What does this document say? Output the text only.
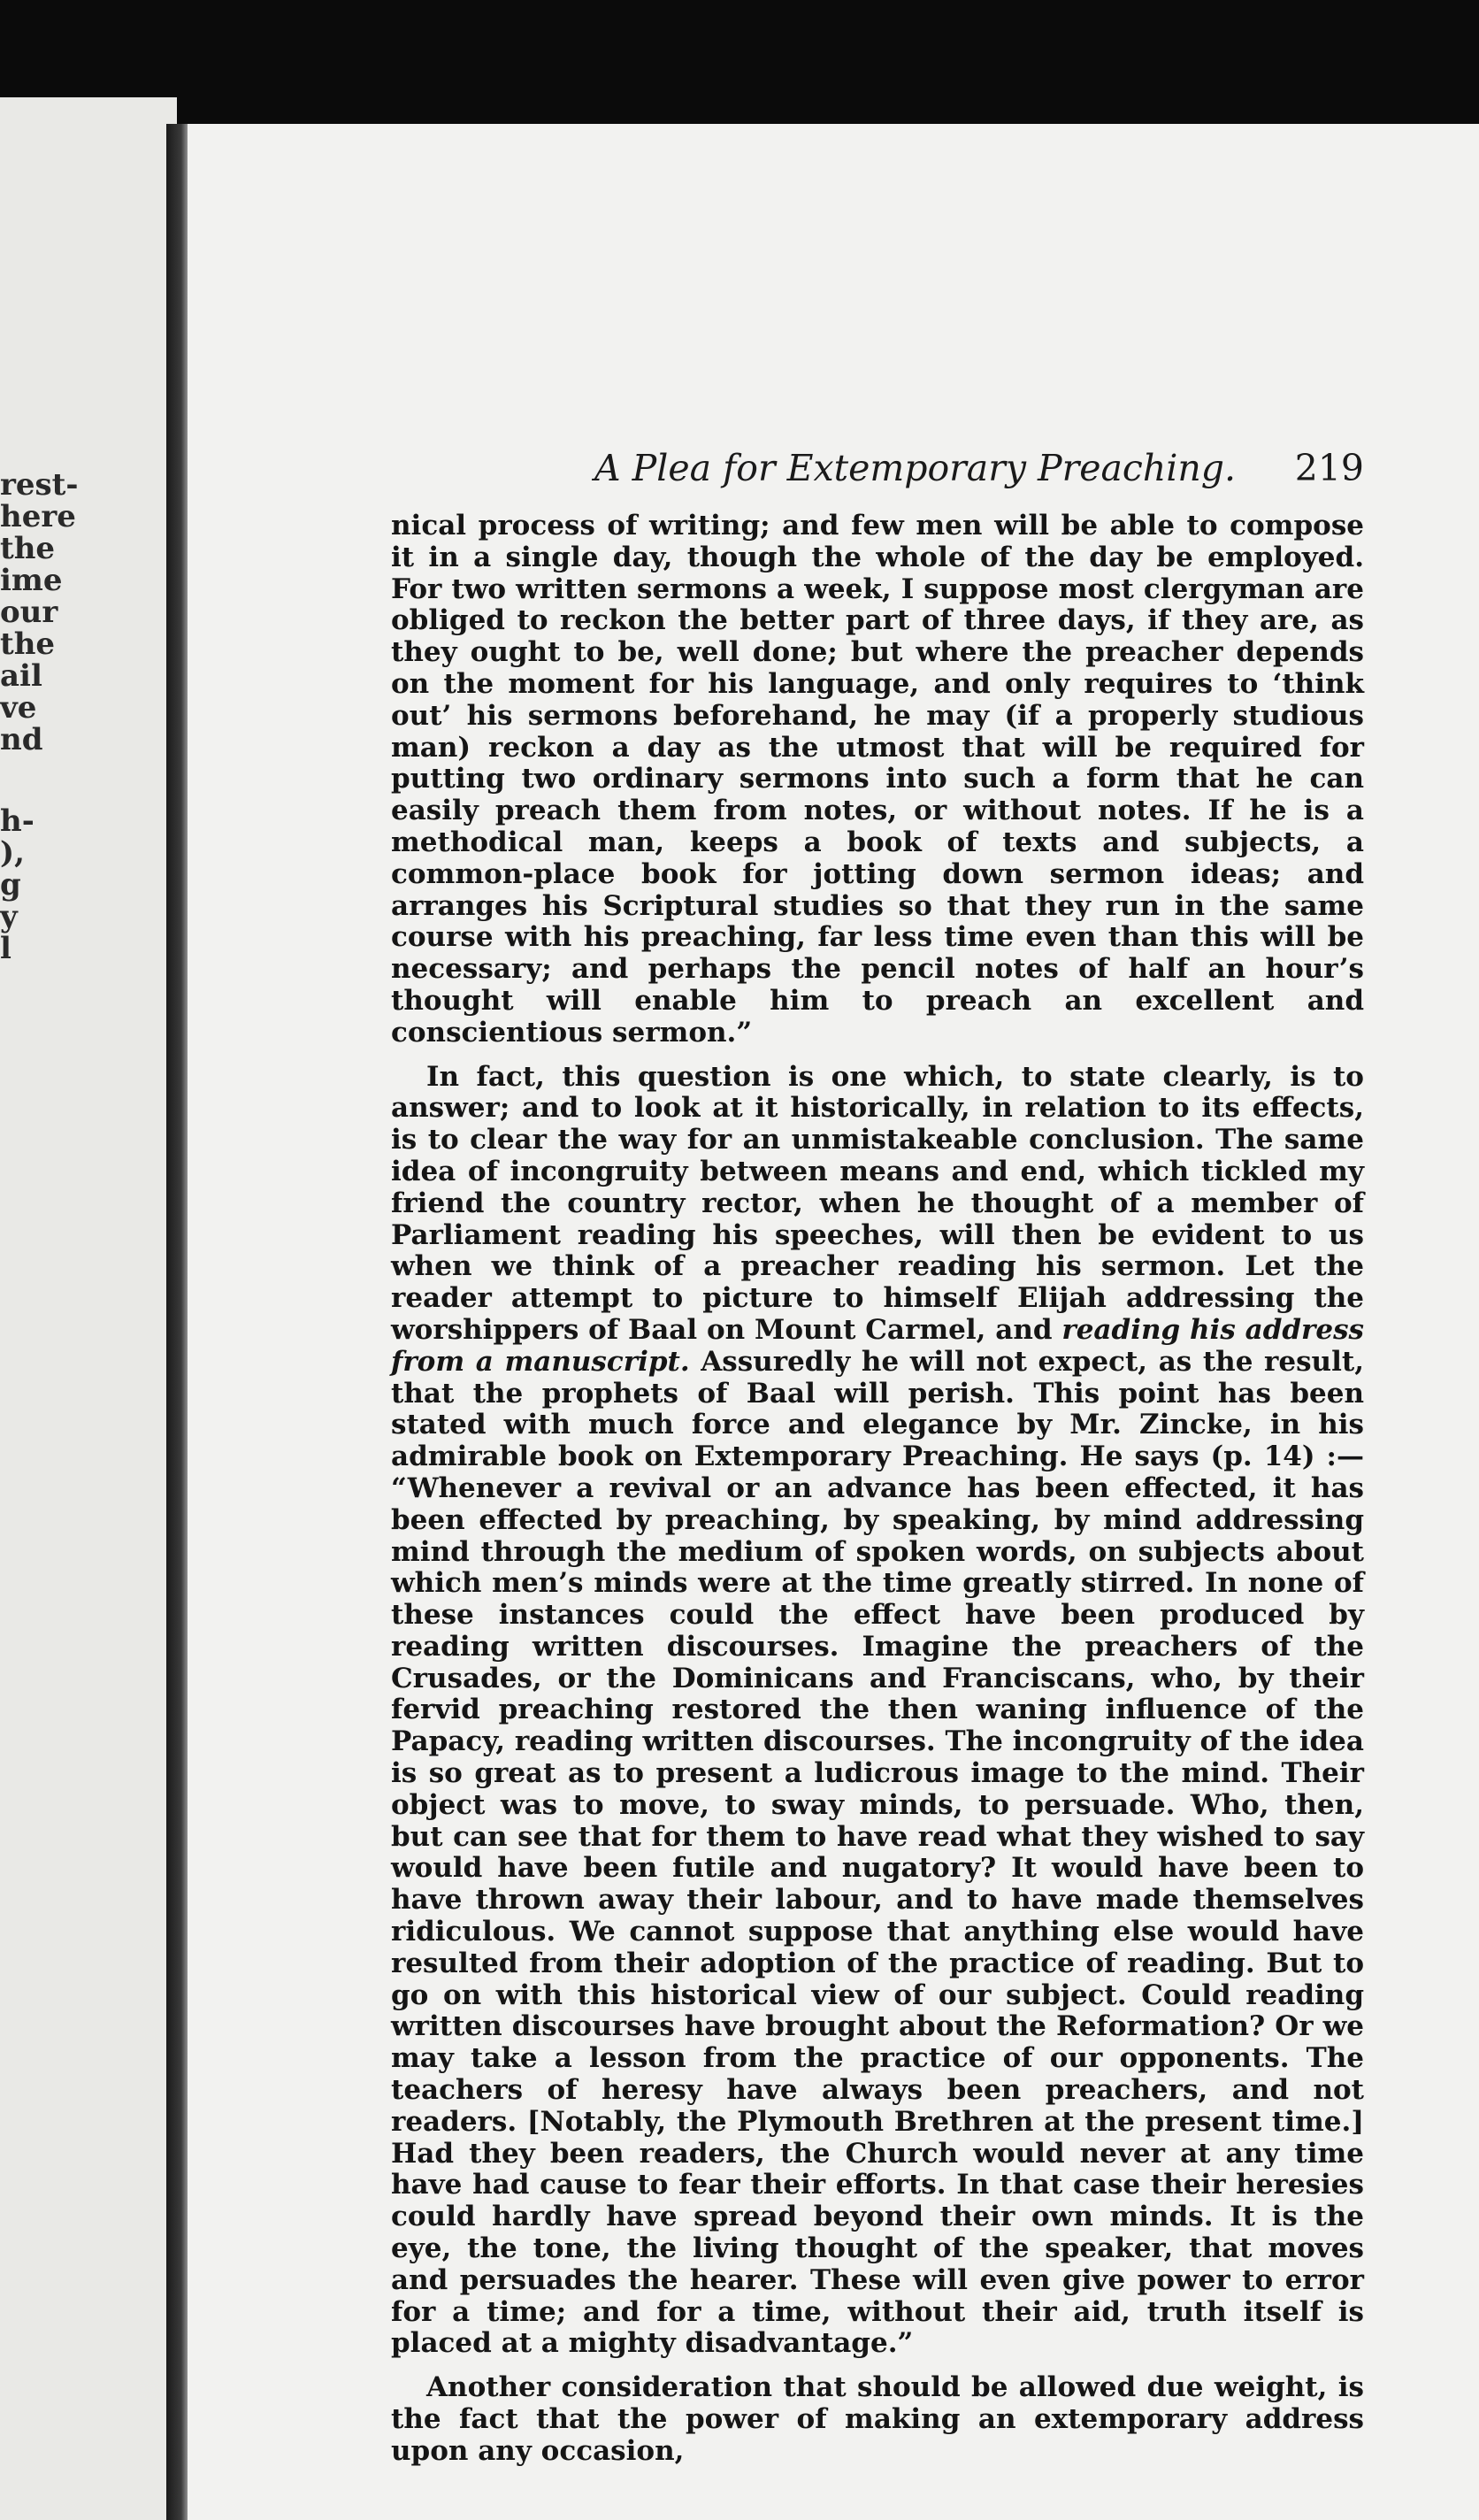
rest-
here
the
ime
our
the
ail
ve
nd
h-
),
g
y
l
A Plea for Extemporary Preaching. 219

nical process of writing; and few men will be able to compose it in a single day, though the whole of the day be employed. For two written sermons a week, I suppose most clergyman are obliged to reckon the better part of three days, if they are, as they ought to be, well done; but where the preacher depends on the moment for his language, and only requires to ‘think out’ his sermons beforehand, he may (if a properly studious man) reckon a day as the utmost that will be required for putting two ordinary sermons into such a form that he can easily preach them from notes, or without notes. If he is a methodical man, keeps a book of texts and subjects, a common-place book for jotting down sermon ideas; and arranges his Scriptural studies so that they run in the same course with his preaching, far less time even than this will be necessary; and perhaps the pencil notes of half an hour’s thought will enable him to preach an excellent and conscientious sermon.”

In fact, this question is one which, to state clearly, is to answer; and to look at it historically, in relation to its effects, is to clear the way for an unmistakeable conclusion. The same idea of incongruity between means and end, which tickled my friend the country rector, when he thought of a member of Parliament reading his speeches, will then be evident to us when we think of a preacher reading his sermon. Let the reader attempt to picture to himself Elijah addressing the worshippers of Baal on Mount Carmel, and reading his address from a manuscript. Assuredly he will not expect, as the result, that the prophets of Baal will perish. This point has been stated with much force and elegance by Mr. Zincke, in his admirable book on Extemporary Preaching. He says (p. 14) :— “Whenever a revival or an advance has been effected, it has been effected by preaching, by speaking, by mind addressing mind through the medium of spoken words, on subjects about which men’s minds were at the time greatly stirred. In none of these instances could the effect have been produced by reading written discourses. Imagine the preachers of the Crusades, or the Dominicans and Franciscans, who, by their fervid preaching restored the then waning influence of the Papacy, reading written discourses. The incongruity of the idea is so great as to present a ludicrous image to the mind. Their object was to move, to sway minds, to persuade. Who, then, but can see that for them to have read what they wished to say would have been futile and nugatory? It would have been to have thrown away their labour, and to have made themselves ridiculous. We cannot suppose that anything else would have resulted from their adoption of the practice of reading. But to go on with this historical view of our subject. Could reading written discourses have brought about the Reformation? Or we may take a lesson from the practice of our opponents. The teachers of heresy have always been preachers, and not readers. [Notably, the Plymouth Brethren at the present time.] Had they been readers, the Church would never at any time have had cause to fear their efforts. In that case their heresies could hardly have spread beyond their own minds. It is the eye, the tone, the living thought of the speaker, that moves and persuades the hearer. These will even give power to error for a time; and for a time, without their aid, truth itself is placed at a mighty disadvantage.”

Another consideration that should be allowed due weight, is the fact that the power of making an extemporary address upon any occasion,
